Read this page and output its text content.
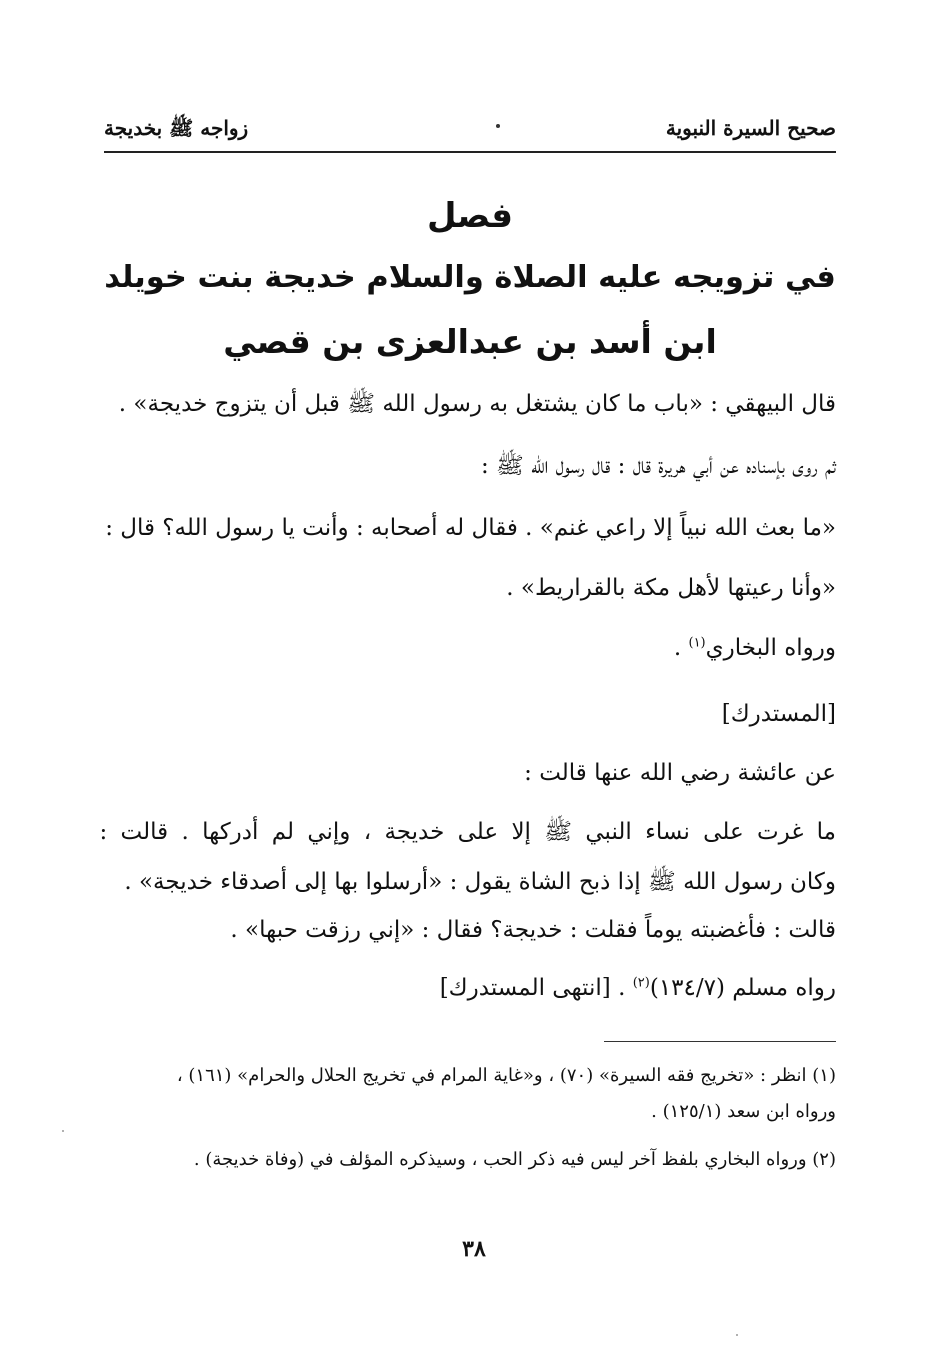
صحيح السيرة النبوية
زواجه ﷺ بخديجة
فصل
في تزويجه عليه الصلاة والسلام خديجة بنت خويلد
ابن أسد بن عبدالعزى بن قصي
قال البيهقي : «باب ما كان يشتغل به رسول الله ﷺ قبل أن يتزوج خديجة» .
ثم روى بإسناده عن أبي هريرة قال : قال رسول الله ﷺ :
«ما بعث الله نبياً إلا راعي غنم» . فقال له أصحابه : وأنت يا رسول الله؟ قال :
«وأنا رعيتها لأهل مكة بالقراريط» .
ورواه البخاري$^{(١)}$ .
[المستدرك]
عن عائشة رضي الله عنها قالت :
ما غرت على نساء النبي ﷺ إلا على خديجة ، وإني لم أدركها . قالت :
وكان رسول الله ﷺ إذا ذبح الشاة يقول : «أرسلوا بها إلى أصدقاء خديجة» .
قالت : فأغضبته يوماً فقلت : خديجة؟ فقال : «إني رزقت حبها» .
رواه مسلم (١٣٤/٧)$^{(٢)}$ . [انتهى المستدرك]
(١) انظر : «تخريج فقه السيرة» (٧٠) ، و«غاية المرام في تخريج الحلال والحرام» (١٦١) ،
ورواه ابن سعد (١٢٥/١) .
(٢) ورواه البخاري بلفظ آخر ليس فيه ذكر الحب ، وسيذكره المؤلف في (وفاة خديجة) .
٣٨
